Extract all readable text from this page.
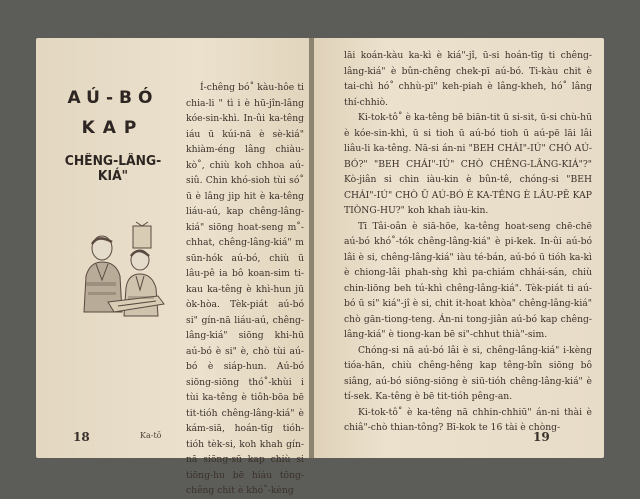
AÚ-BÓ
KAP
CHÊNG-LÂNG-KIÁ"

Í-chêng bó˚ kàu-hôe ti chia-li " tì i è hū-jîn-lâng kóe-sin-khì. In-ûi ka-têng iáu ū kúi-nā è sè-kiá" khiàm-éng lâng chiàu-kò˚, chiù koh chhoa aú-siû. Chin khó-sioh tùi só˚ ū è lâng jip hit è ka-têng liáu-aú, kap chêng-lâng-kiá" siōng hoat-seng m˚-chhat, chêng-lâng-kiá" m sūn-hók aú-bó, chiù ū lâu-pê ia bô koan-sim ti-kau ka-têng è khì-hun jū òk-hòa. Tèk-piát aú-bó si" gín-nā liáu-aú, chêng-lâng-kiá" siōng khi-hū aú-bó è si" è, chò tùi aú-bó è siáp-hun. Aú-bó siōng-siōng thó˚-khùi i tùi ka-têng è tiôh-bōa bē tit-tióh chêng-lâng-kiá" è kám-siā, hoán-tīg tióh-tióh tèk-si, koh khah gín-nā siōng-sū kap chiù si tiōng-hu bē hiáu tōng-chêng chit è khó˚-kèng

Ka-tō
18

lāi koán-kàu ka-kì è kiá"-jî, ū-si hoán-tīg ti chêng-lâng-kiá" è bûn-chêng chek-pī aú-bó. Ti-kàu chit è tai-chì hó˚ chhù-pī" keh-piah è lâng-kheh, hó˚ lâng thí-chhiò.

Ki-tok-tô˚ è ka-têng bē biān-tit ū si-sit, ū-si chù-hū è kóe-sin-khì, ū si tioh ū aú-bó tioh ū aú-pē lāi lâi liâu-li ka-têng. Nā-si án-ni "BEH CHÁI"-IÚ" CHÒ AÚ-BÓ?" "BEH CHÁI"-IÚ" CHÒ CHÊNG-LÂNG-KIÁ"?" Kò-jiân si chin iàu-kin è bûn-tê, chóng-si "BEH CHÁI"-IÚ" CHÒ Ū AÚ-BÓ È KA-TÊNG È LÂU-PĒ KAP TIÒNG-HU?" koh khah iàu-kin.

Tī Tâi-oân è siā-hōe, ka-têng hoat-seng chē-chē aú-bó khó˚-tók chêng-lâng-kiá" è pi-kek. In-ûi aú-bó lâi è si, chêng-lâng-kiá" iàu té-bán, aú-bó ū tióh ka-kì è chiong-lâi phah-sǹg khì pa-chiám chhái-sán, chiù chin-liōng beh tú-khì chêng-lâng-kiá". Tèk-piát ti aú-bó ū si" kiá"-jî è si, chit it-hoat khòa" chêng-lâng-kiá" chò gān-tiong-teng. Án-ni tong-jiân aú-bó kap chêng-lâng-kiá" è tiong-kan bē si"-chhut thià"-sim.

Chóng-si nā aú-bó lâi è si, chêng-lâng-kiá" i-kèng tióa-hān, chiù chêng-hêng kap têng-bîn siōng bô siâng, aú-bó siōng-siōng è siū-tióh chêng-lâng-kiá" è tí-sek. Ka-têng è bē tit-tióh pêng-an.

Ki-tok-tô˚ è ka-têng nā chhin-chhiū" án-ni thài è chiâ"-chò thian-tông? Bī-kok te 16 tài è chòng-

19
